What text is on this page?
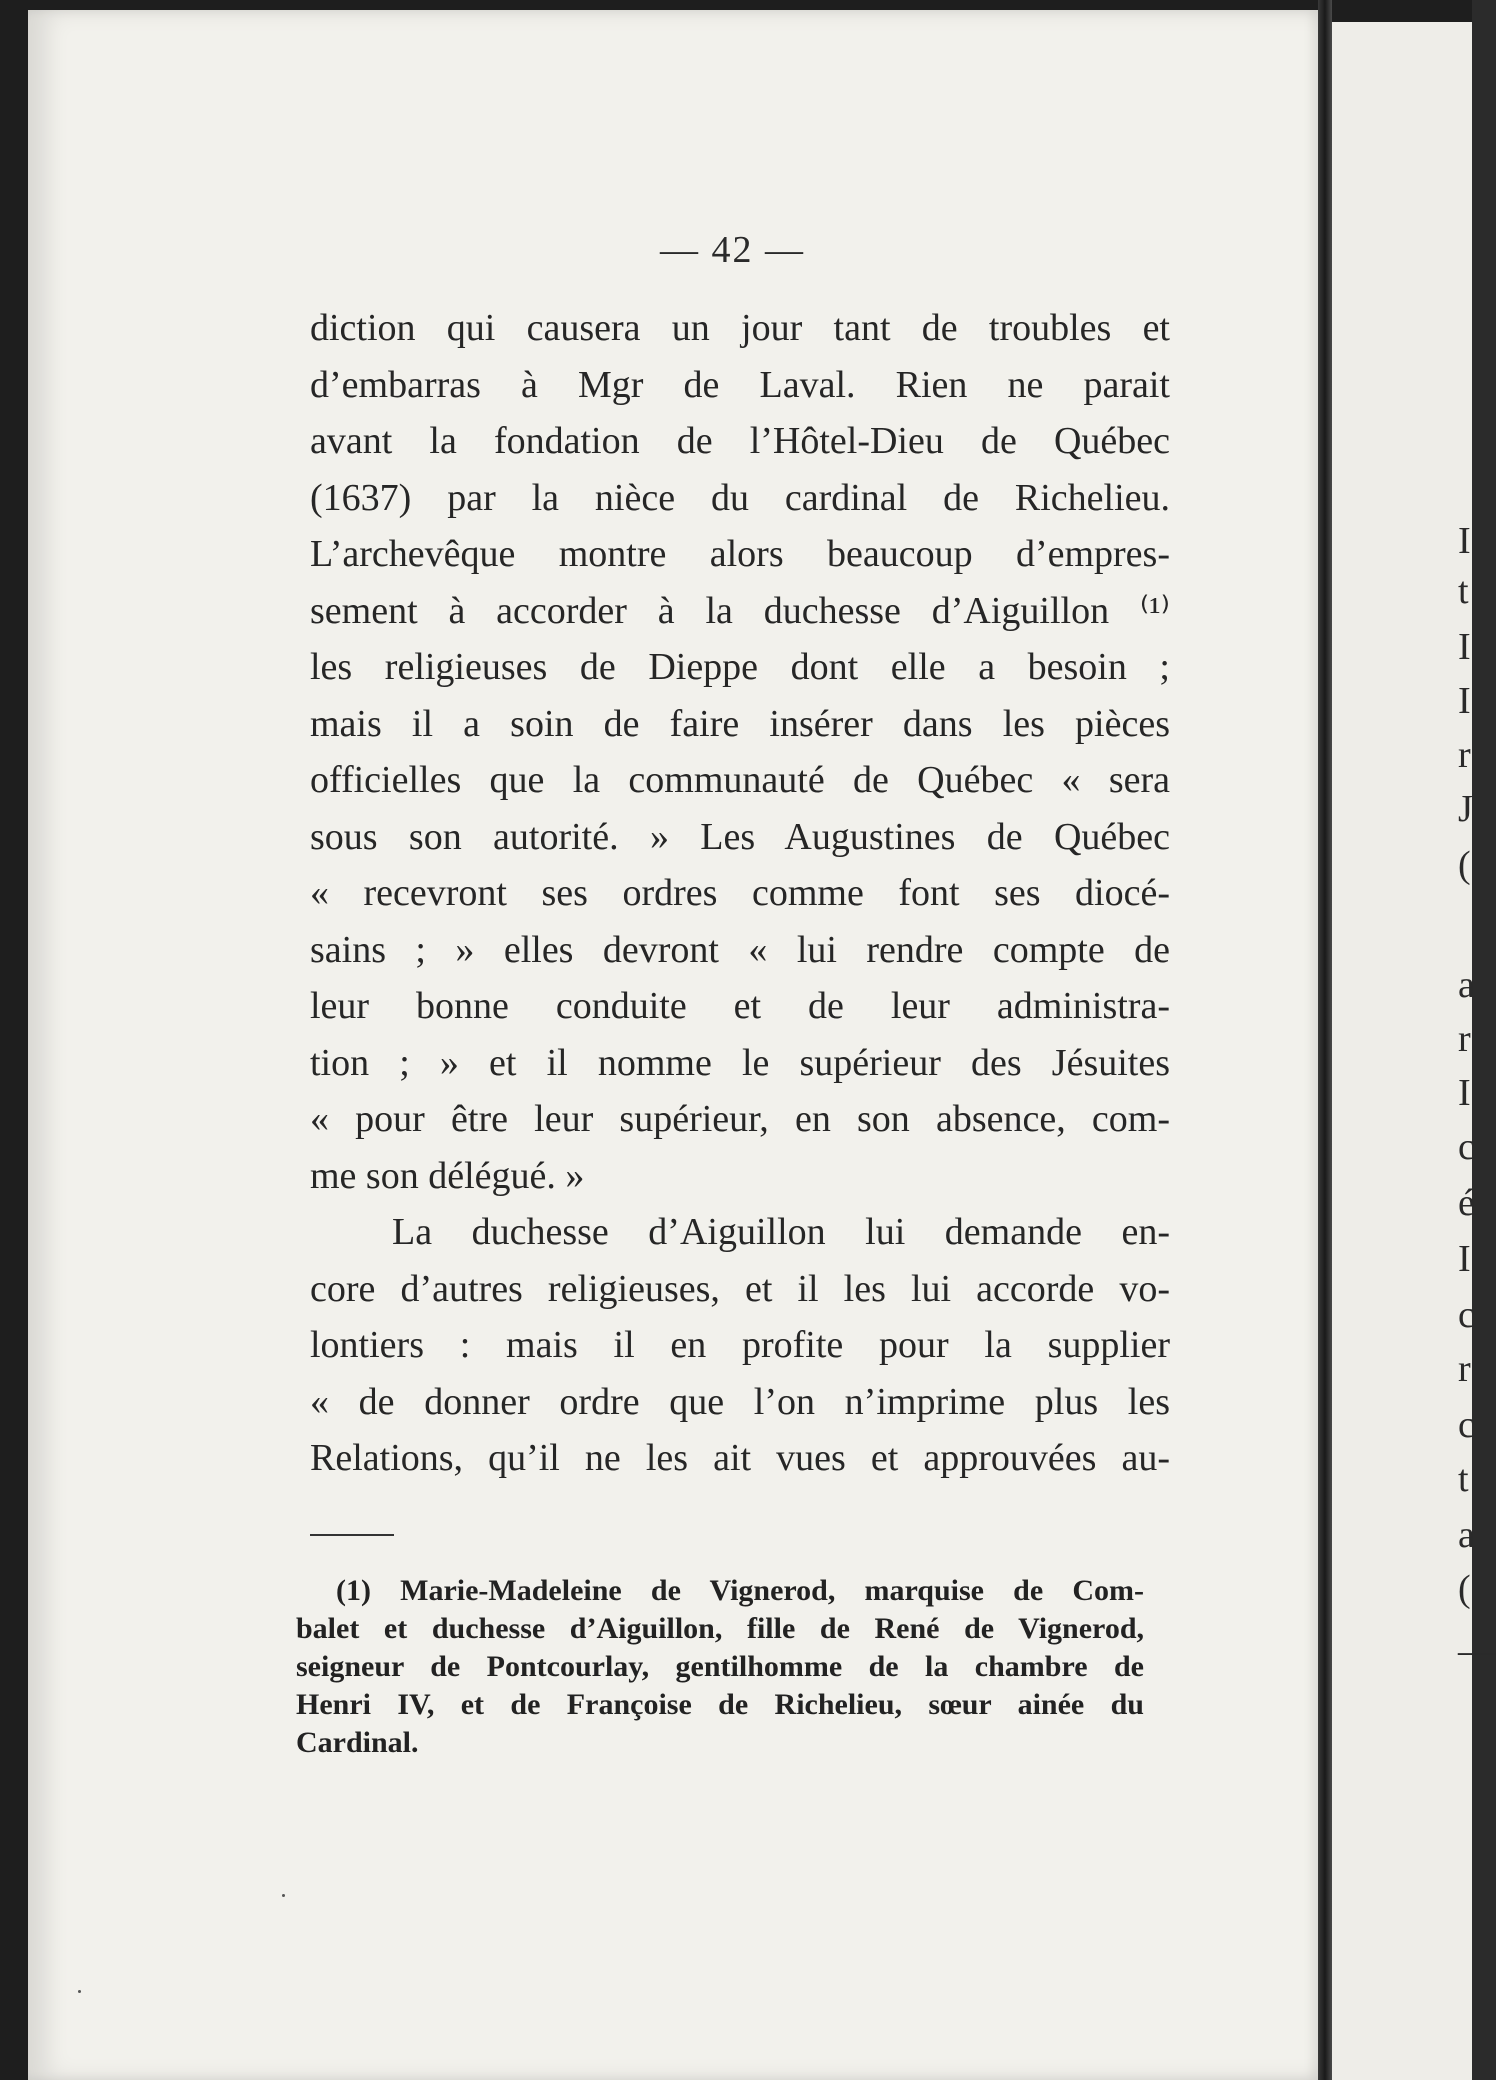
I
t
I
I
r
J
(
a
r
I
c
é
I
c
r
c
t
a
(
—
— 42 —
diction qui causera un jour tant de troubles et
d’embarras à Mgr de Laval. Rien ne parait
avant la fondation de l’Hôtel-Dieu de Québec
(1637) par la nièce du cardinal de Richelieu.
L’archevêque montre alors beaucoup d’empres-
sement à accorder à la duchesse d’Aiguillon ⁽¹⁾
les religieuses de Dieppe dont elle a besoin ;
mais il a soin de faire insérer dans les pièces
officielles que la communauté de Québec « sera
sous son autorité. » Les Augustines de Québec
« recevront ses ordres comme font ses diocé-
sains ; » elles devront « lui rendre compte de
leur bonne conduite et de leur administra-
tion ; » et il nomme le supérieur des Jésuites
« pour être leur supérieur, en son absence, com-
me son délégué. »
La duchesse d’Aiguillon lui demande en-
core d’autres religieuses, et il les lui accorde vo-
lontiers : mais il en profite pour la supplier
« de donner ordre que l’on n’imprime plus les
Relations, qu’il ne les ait vues et approuvées au-
(1) Marie-Madeleine de Vignerod, marquise de Com-
balet et duchesse d’Aiguillon, fille de René de Vignerod,
seigneur de Pontcourlay, gentilhomme de la chambre de
Henri IV, et de Françoise de Richelieu, sœur ainée du
Cardinal.
